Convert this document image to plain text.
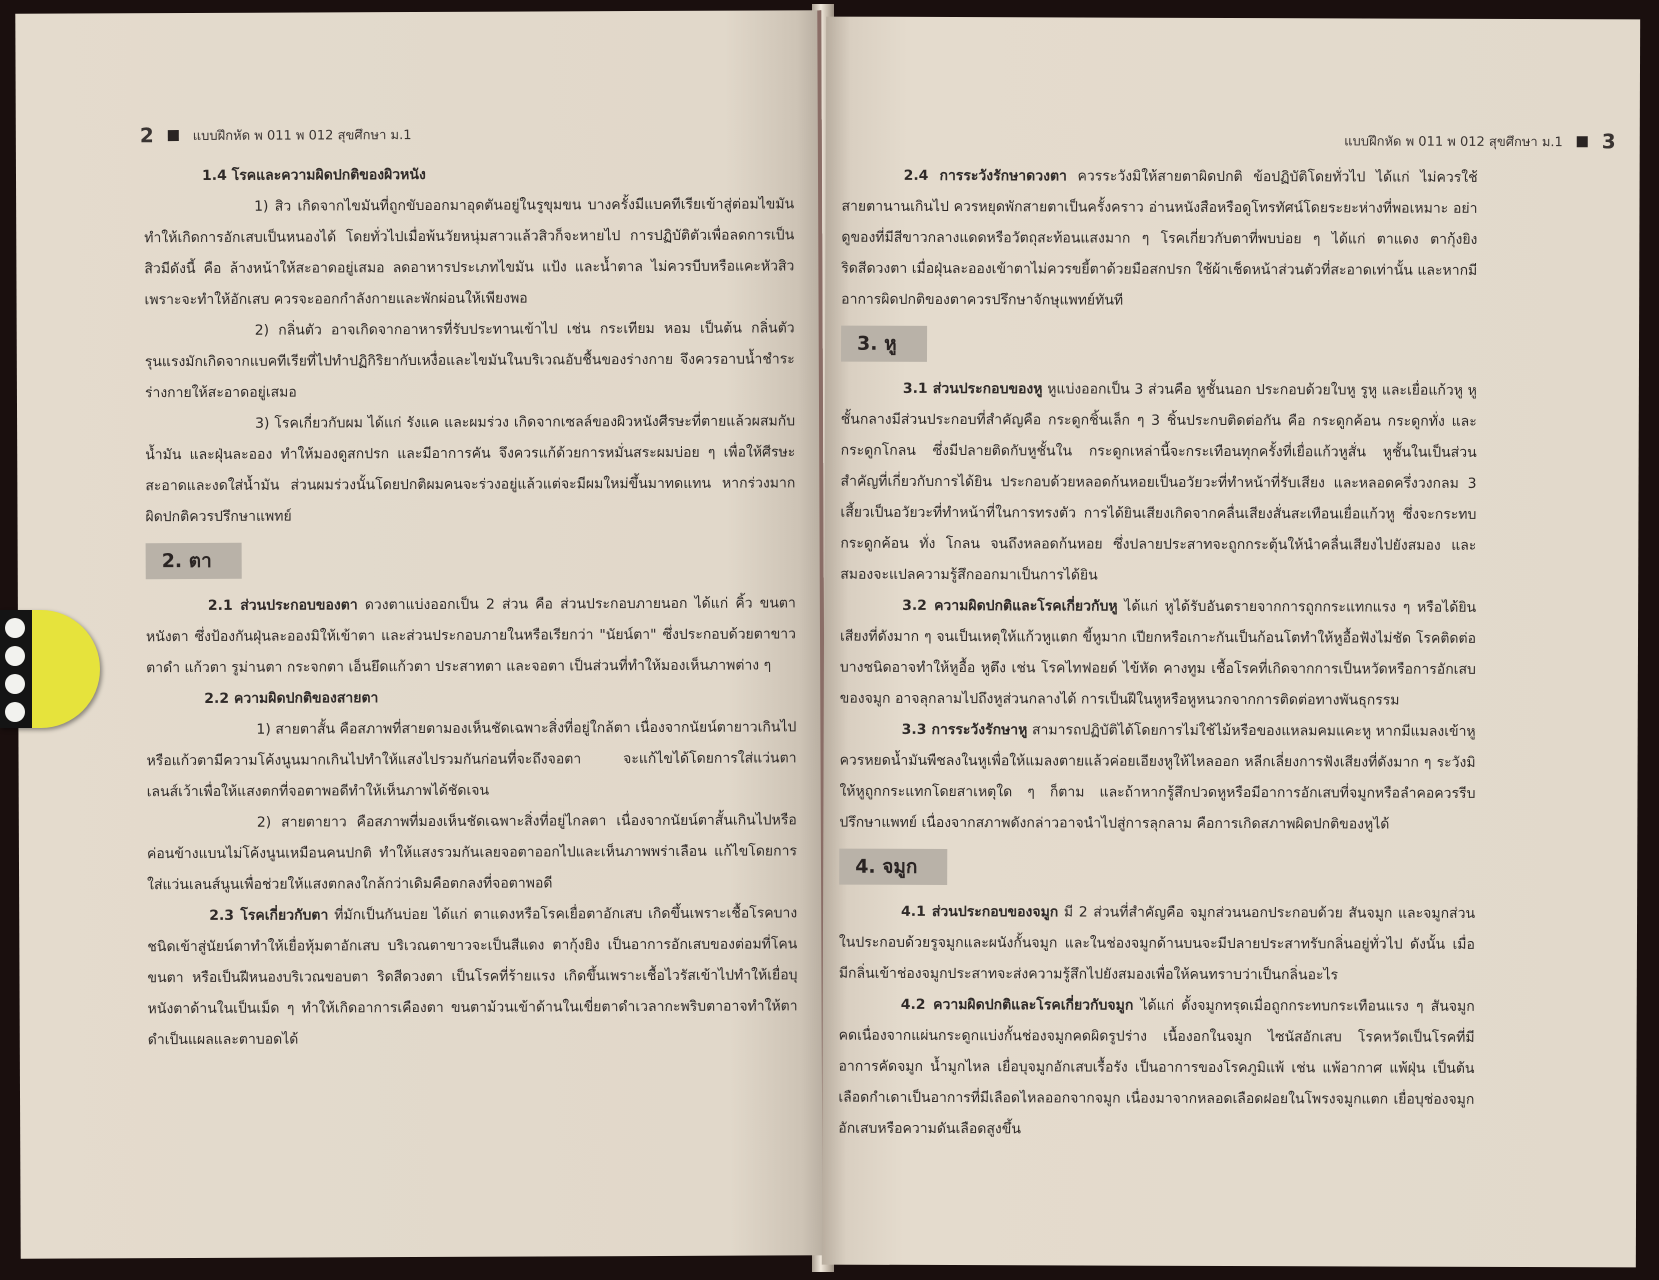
2	แบบฝึกหัด พ 011 พ 012 สุขศึกษา ม.1

1.4 โรคและความผิดปกติของผิวหนัง

1) สิว เกิดจากไขมันที่ถูกขับออกมาอุดตันอยู่ในรูขุมขน บางครั้งมีแบคทีเรียเข้าสู่ต่อมไขมันทำให้เกิดการอักเสบเป็นหนองได้ โดยทั่วไปเมื่อพ้นวัยหนุ่มสาวแล้วสิวก็จะหายไป การปฏิบัติตัวเพื่อลดการเป็นสิวมีดังนี้ คือ ล้างหน้าให้สะอาดอยู่เสมอ ลดอาหารประเภทไขมัน แป้ง และน้ำตาล ไม่ควรบีบหรือแคะหัวสิวเพราะจะทำให้อักเสบ ควรจะออกกำลังกายและพักผ่อนให้เพียงพอ

2) กลิ่นตัว อาจเกิดจากอาหารที่รับประทานเข้าไป เช่น กระเทียม หอม เป็นต้น กลิ่นตัวรุนแรงมักเกิดจากแบคทีเรียที่ไปทำปฏิกิริยากับเหงื่อและไขมันในบริเวณอับชื้นของร่างกาย จึงควรอาบน้ำชำระร่างกายให้สะอาดอยู่เสมอ

3) โรคเกี่ยวกับผม ได้แก่ รังแค และผมร่วง เกิดจากเซลล์ของผิวหนังศีรษะที่ตายแล้วผสมกับน้ำมัน และฝุ่นละออง ทำให้มองดูสกปรก และมีอาการคัน จึงควรแก้ด้วยการหมั่นสระผมบ่อย ๆ เพื่อให้ศีรษะสะอาดและงดใส่น้ำมัน ส่วนผมร่วงนั้นโดยปกติผมคนจะร่วงอยู่แล้วแต่จะมีผมใหม่ขึ้นมาทดแทน หากร่วงมากผิดปกติควรปรึกษาแพทย์

2. ตา

2.1 ส่วนประกอบของตา ดวงตาแบ่งออกเป็น 2 ส่วน คือ ส่วนประกอบภายนอก ได้แก่ คิ้ว ขนตา หนังตา ซึ่งป้องกันฝุ่นละอองมิให้เข้าตา และส่วนประกอบภายในหรือเรียกว่า "นัยน์ตา" ซึ่งประกอบด้วยตาขาว ตาดำ แก้วตา รูม่านตา กระจกตา เอ็นยึดแก้วตา ประสาทตา และจอตา เป็นส่วนที่ทำให้มองเห็นภาพต่าง ๆ

2.2 ความผิดปกติของสายตา

1) สายตาสั้น คือสภาพที่สายตามองเห็นชัดเฉพาะสิ่งที่อยู่ใกล้ตา เนื่องจากนัยน์ตายาวเกินไปหรือแก้วตามีความโค้งนูนมากเกินไปทำให้แสงไปรวมกันก่อนที่จะถึงจอตา จะแก้ไขได้โดยการใส่แว่นตาเลนส์เว้าเพื่อให้แสงตกที่จอตาพอดีทำให้เห็นภาพได้ชัดเจน

2) สายตายาว คือสภาพที่มองเห็นชัดเฉพาะสิ่งที่อยู่ไกลตา เนื่องจากนัยน์ตาสั้นเกินไปหรือค่อนข้างแบนไม่โค้งนูนเหมือนคนปกติ ทำให้แสงรวมกันเลยจอตาออกไปและเห็นภาพพร่าเลือน แก้ไขโดยการใส่แว่นเลนส์นูนเพื่อช่วยให้แสงตกลงใกล้กว่าเดิมคือตกลงที่จอตาพอดี

2.3 โรคเกี่ยวกับตา ที่มักเป็นกันบ่อย ได้แก่ ตาแดงหรือโรคเยื่อตาอักเสบ เกิดขึ้นเพราะเชื้อโรคบางชนิดเข้าสู่นัยน์ตาทำให้เยื่อหุ้มตาอักเสบ บริเวณตาขาวจะเป็นสีแดง ตากุ้งยิง เป็นอาการอักเสบของต่อมที่โคนขนตา หรือเป็นฝีหนองบริเวณขอบตา ริดสีดวงตา เป็นโรคที่ร้ายแรง เกิดขึ้นเพราะเชื้อไวรัสเข้าไปทำให้เยื่อบุหนังตาด้านในเป็นเม็ด ๆ ทำให้เกิดอาการเคืองตา ขนตาม้วนเข้าด้านในเขี่ยตาดำเวลากะพริบตาอาจทำให้ตาดำเป็นแผลและตาบอดได้

แบบฝึกหัด พ 011 พ 012 สุขศึกษา ม.1 3

2.4 การระวังรักษาดวงตา ควรระวังมิให้สายตาผิดปกติ ข้อปฏิบัติโดยทั่วไป ได้แก่ ไม่ควรใช้สายตานานเกินไป ควรหยุดพักสายตาเป็นครั้งคราว อ่านหนังสือหรือดูโทรทัศน์โดยระยะห่างที่พอเหมาะ อย่าดูของที่มีสีขาวกลางแดดหรือวัตถุสะท้อนแสงมาก ๆ โรคเกี่ยวกับตาที่พบบ่อย ๆ ได้แก่ ตาแดง ตากุ้งยิง ริดสีดวงตา เมื่อฝุ่นละอองเข้าตาไม่ควรขยี้ตาด้วยมือสกปรก ใช้ผ้าเช็ดหน้าส่วนตัวที่สะอาดเท่านั้น และหากมีอาการผิดปกติของตาควรปรึกษาจักษุแพทย์ทันที

3. หู

3.1 ส่วนประกอบของหู หูแบ่งออกเป็น 3 ส่วนคือ หูชั้นนอก ประกอบด้วยใบหู รูหู และเยื่อแก้วหู หูชั้นกลางมีส่วนประกอบที่สำคัญคือ กระดูกชิ้นเล็ก ๆ 3 ชิ้นประกบติดต่อกัน คือ กระดูกค้อน กระดูกทั่ง และกระดูกโกลน ซึ่งมีปลายติดกับหูชั้นใน กระดูกเหล่านี้จะกระเทือนทุกครั้งที่เยื่อแก้วหูสั่น หูชั้นในเป็นส่วนสำคัญที่เกี่ยวกับการได้ยิน ประกอบด้วยหลอดก้นหอยเป็นอวัยวะที่ทำหน้าที่รับเสียง และหลอดครึ่งวงกลม 3 เสี้ยวเป็นอวัยวะที่ทำหน้าที่ในการทรงตัว การได้ยินเสียงเกิดจากคลื่นเสียงสั่นสะเทือนเยื่อแก้วหู ซึ่งจะกระทบกระดูกค้อน ทั่ง โกลน จนถึงหลอดก้นหอย ซึ่งปลายประสาทจะถูกกระตุ้นให้นำคลื่นเสียงไปยังสมอง และสมองจะแปลความรู้สึกออกมาเป็นการได้ยิน

3.2 ความผิดปกติและโรคเกี่ยวกับหู ได้แก่ หูได้รับอันตรายจากการถูกกระแทกแรง ๆ หรือได้ยินเสียงที่ดังมาก ๆ จนเป็นเหตุให้แก้วหูแตก ขี้หูมาก เปียกหรือเกาะกันเป็นก้อนโตทำให้หูอื้อฟังไม่ชัด โรคติดต่อบางชนิดอาจทำให้หูอื้อ หูตึง เช่น โรคไทฟอยด์ ไข้หัด คางทูม เชื้อโรคที่เกิดจากการเป็นหวัดหรือการอักเสบของจมูก อาจลุกลามไปถึงหูส่วนกลางได้ การเป็นฝีในหูหรือหูหนวกจากการติดต่อทางพันธุกรรม

3.3 การระวังรักษาหู สามารถปฏิบัติได้โดยการไม่ใช้ไม้หรือของแหลมคมแคะหู หากมีแมลงเข้าหูควรหยดน้ำมันพืชลงในหูเพื่อให้แมลงตายแล้วค่อยเอียงหูให้ไหลออก หลีกเลี่ยงการฟังเสียงที่ดังมาก ๆ ระวังมิให้หูถูกกระแทกโดยสาเหตุใด ๆ ก็ตาม และถ้าหากรู้สึกปวดหูหรือมีอาการอักเสบที่จมูกหรือลำคอควรรีบปรึกษาแพทย์ เนื่องจากสภาพดังกล่าวอาจนำไปสู่การลุกลาม คือการเกิดสภาพผิดปกติของหูได้

4. จมูก

4.1 ส่วนประกอบของจมูก มี 2 ส่วนที่สำคัญคือ จมูกส่วนนอกประกอบด้วย สันจมูก และจมูกส่วนในประกอบด้วยรูจมูกและผนังกั้นจมูก และในช่องจมูกด้านบนจะมีปลายประสาทรับกลิ่นอยู่ทั่วไป ดังนั้น เมื่อมีกลิ่นเข้าช่องจมูกประสาทจะส่งความรู้สึกไปยังสมองเพื่อให้คนทราบว่าเป็นกลิ่นอะไร

4.2 ความผิดปกติและโรคเกี่ยวกับจมูก ได้แก่ ดั้งจมูกทรุดเมื่อถูกกระทบกระเทือนแรง ๆ สันจมูกคดเนื่องจากแผ่นกระดูกแบ่งกั้นช่องจมูกคดผิดรูปร่าง เนื้องอกในจมูก ไซนัสอักเสบ โรคหวัดเป็นโรคที่มีอาการคัดจมูก น้ำมูกไหล เยื่อบุจมูกอักเสบเรื้อรัง เป็นอาการของโรคภูมิแพ้ เช่น แพ้อากาศ แพ้ฝุ่น เป็นต้น เลือดกำเดาเป็นอาการที่มีเลือดไหลออกจากจมูก เนื่องมาจากหลอดเลือดฝอยในโพรงจมูกแตก เยื่อบุช่องจมูกอักเสบหรือความดันเลือดสูงขึ้น
